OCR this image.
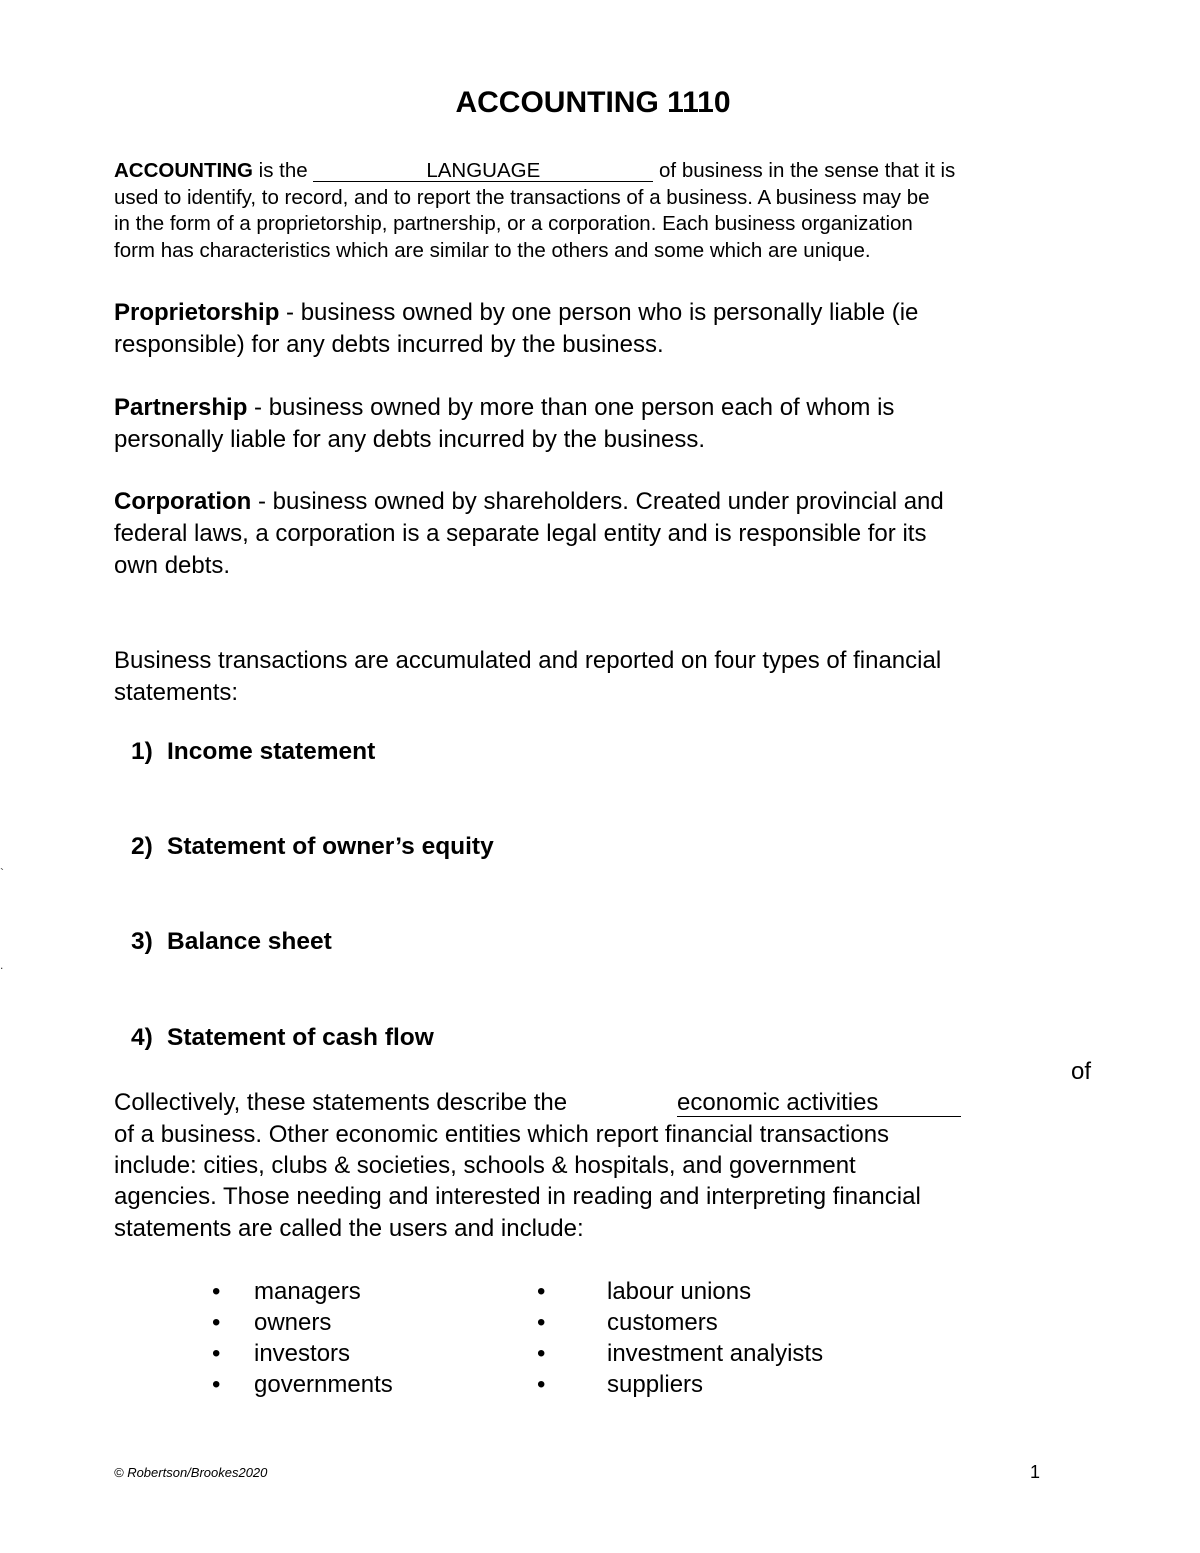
ACCOUNTING 1110
ACCOUNTING is the	LANGUAGE	of business in the sense that it is
used to identify, to record, and to report the transactions of a business. A business may be
in the form of a proprietorship, partnership, or a corporation. Each business organization
form has characteristics which are similar to the others and some which are unique.
Proprietorship - business owned by one person who is personally liable (ie
responsible) for any debts incurred by the business.
Partnership - business owned by more than one person each of whom is
personally liable for any debts incurred by the business.
Corporation - business owned by shareholders. Created under provincial and
federal laws, a corporation is a separate legal entity and is responsible for its
own debts.
Business transactions are accumulated and reported on four types of financial
statements:
1) Income statement
2) Statement of owner’s equity
3) Balance sheet
4) Statement of cash flow
`
.
of
Collectively, these statements describe the	economic activities
of a business. Other economic entities which report financial transactions
include: cities, clubs & societies, schools & hospitals, and government
agencies. Those needing and interested in reading and interpreting financial
statements are called the users and include:
• managers
• owners
• investors
• governments
•	labour unions
•	customers
•	investment analyists
•	suppliers
© Robertson/Brookes2020	1
